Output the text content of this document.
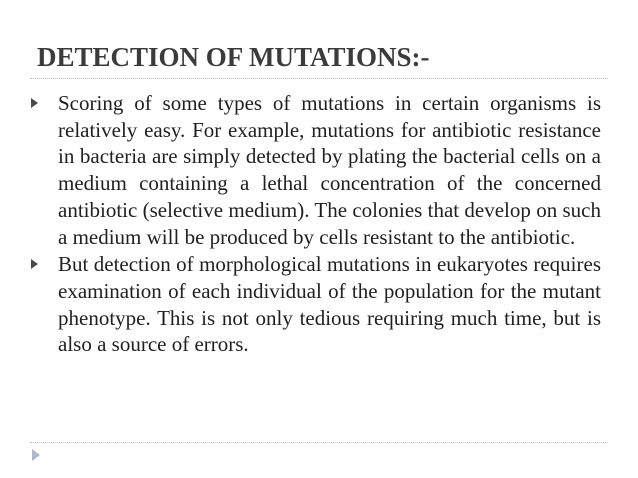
DETECTION OF MUTATIONS:-
Scoring of some types of mutations in certain organisms is relatively easy. For example, mutations for antibiotic resistance in bacteria are simply detected by plating the bacterial cells on a medium containing a lethal concentration of the concerned antibiotic (selective medium). The colonies that develop on such a medium will be produced by cells resistant to the antibiotic.
But detection of morphological mutations in eukaryotes requires examination of each individual of the population for the mutant phenotype. This is not only tedious requiring much time, but is also a source of errors.
